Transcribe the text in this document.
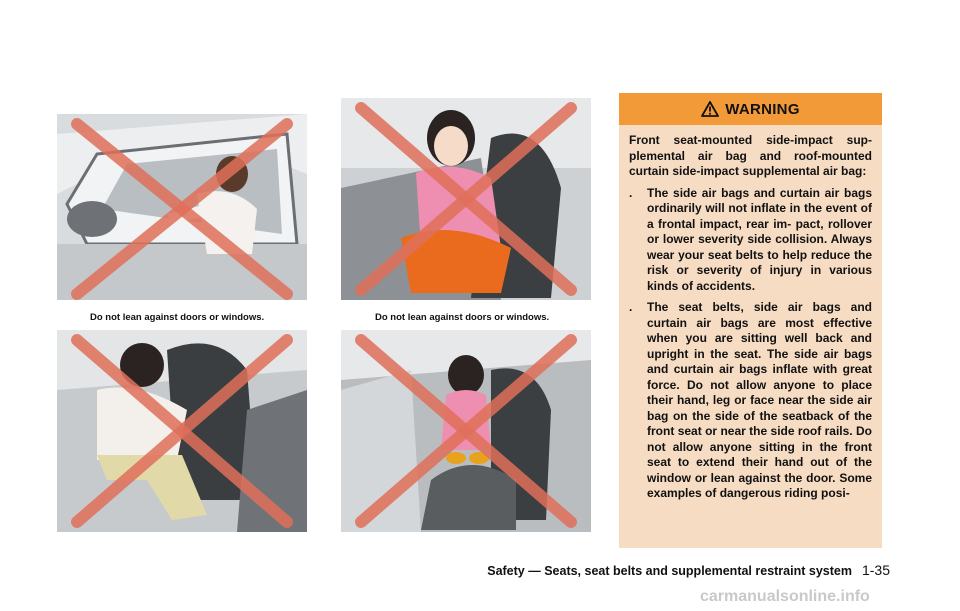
Do not lean against doors or windows.	Do not lean against doors or windows.
WARNING

Front seat-mounted side-impact sup- plemental air bag and roof-mounted curtain side-impact supplemental air bag:

.	The side air bags and curtain air bags ordinarily will not inflate in the event of a frontal impact, rear im- pact, rollover or lower severity side collision. Always wear your seat belts to help reduce the risk or severity of injury in various kinds of accidents.
.	The seat belts, side air bags and curtain air bags are most effective when you are sitting well back and upright in the seat. The side air bags and curtain air bags inflate with great force. Do not allow anyone to place their hand, leg or face near the side air bag on the side of the seatback of the front seat or near the side roof rails. Do not allow anyone sitting in the front seat to extend their hand out of the window or lean against the door. Some examples of dangerous riding posi-
Safety — Seats, seat belts and supplemental restraint system 1-35
carmanualsonline.info
